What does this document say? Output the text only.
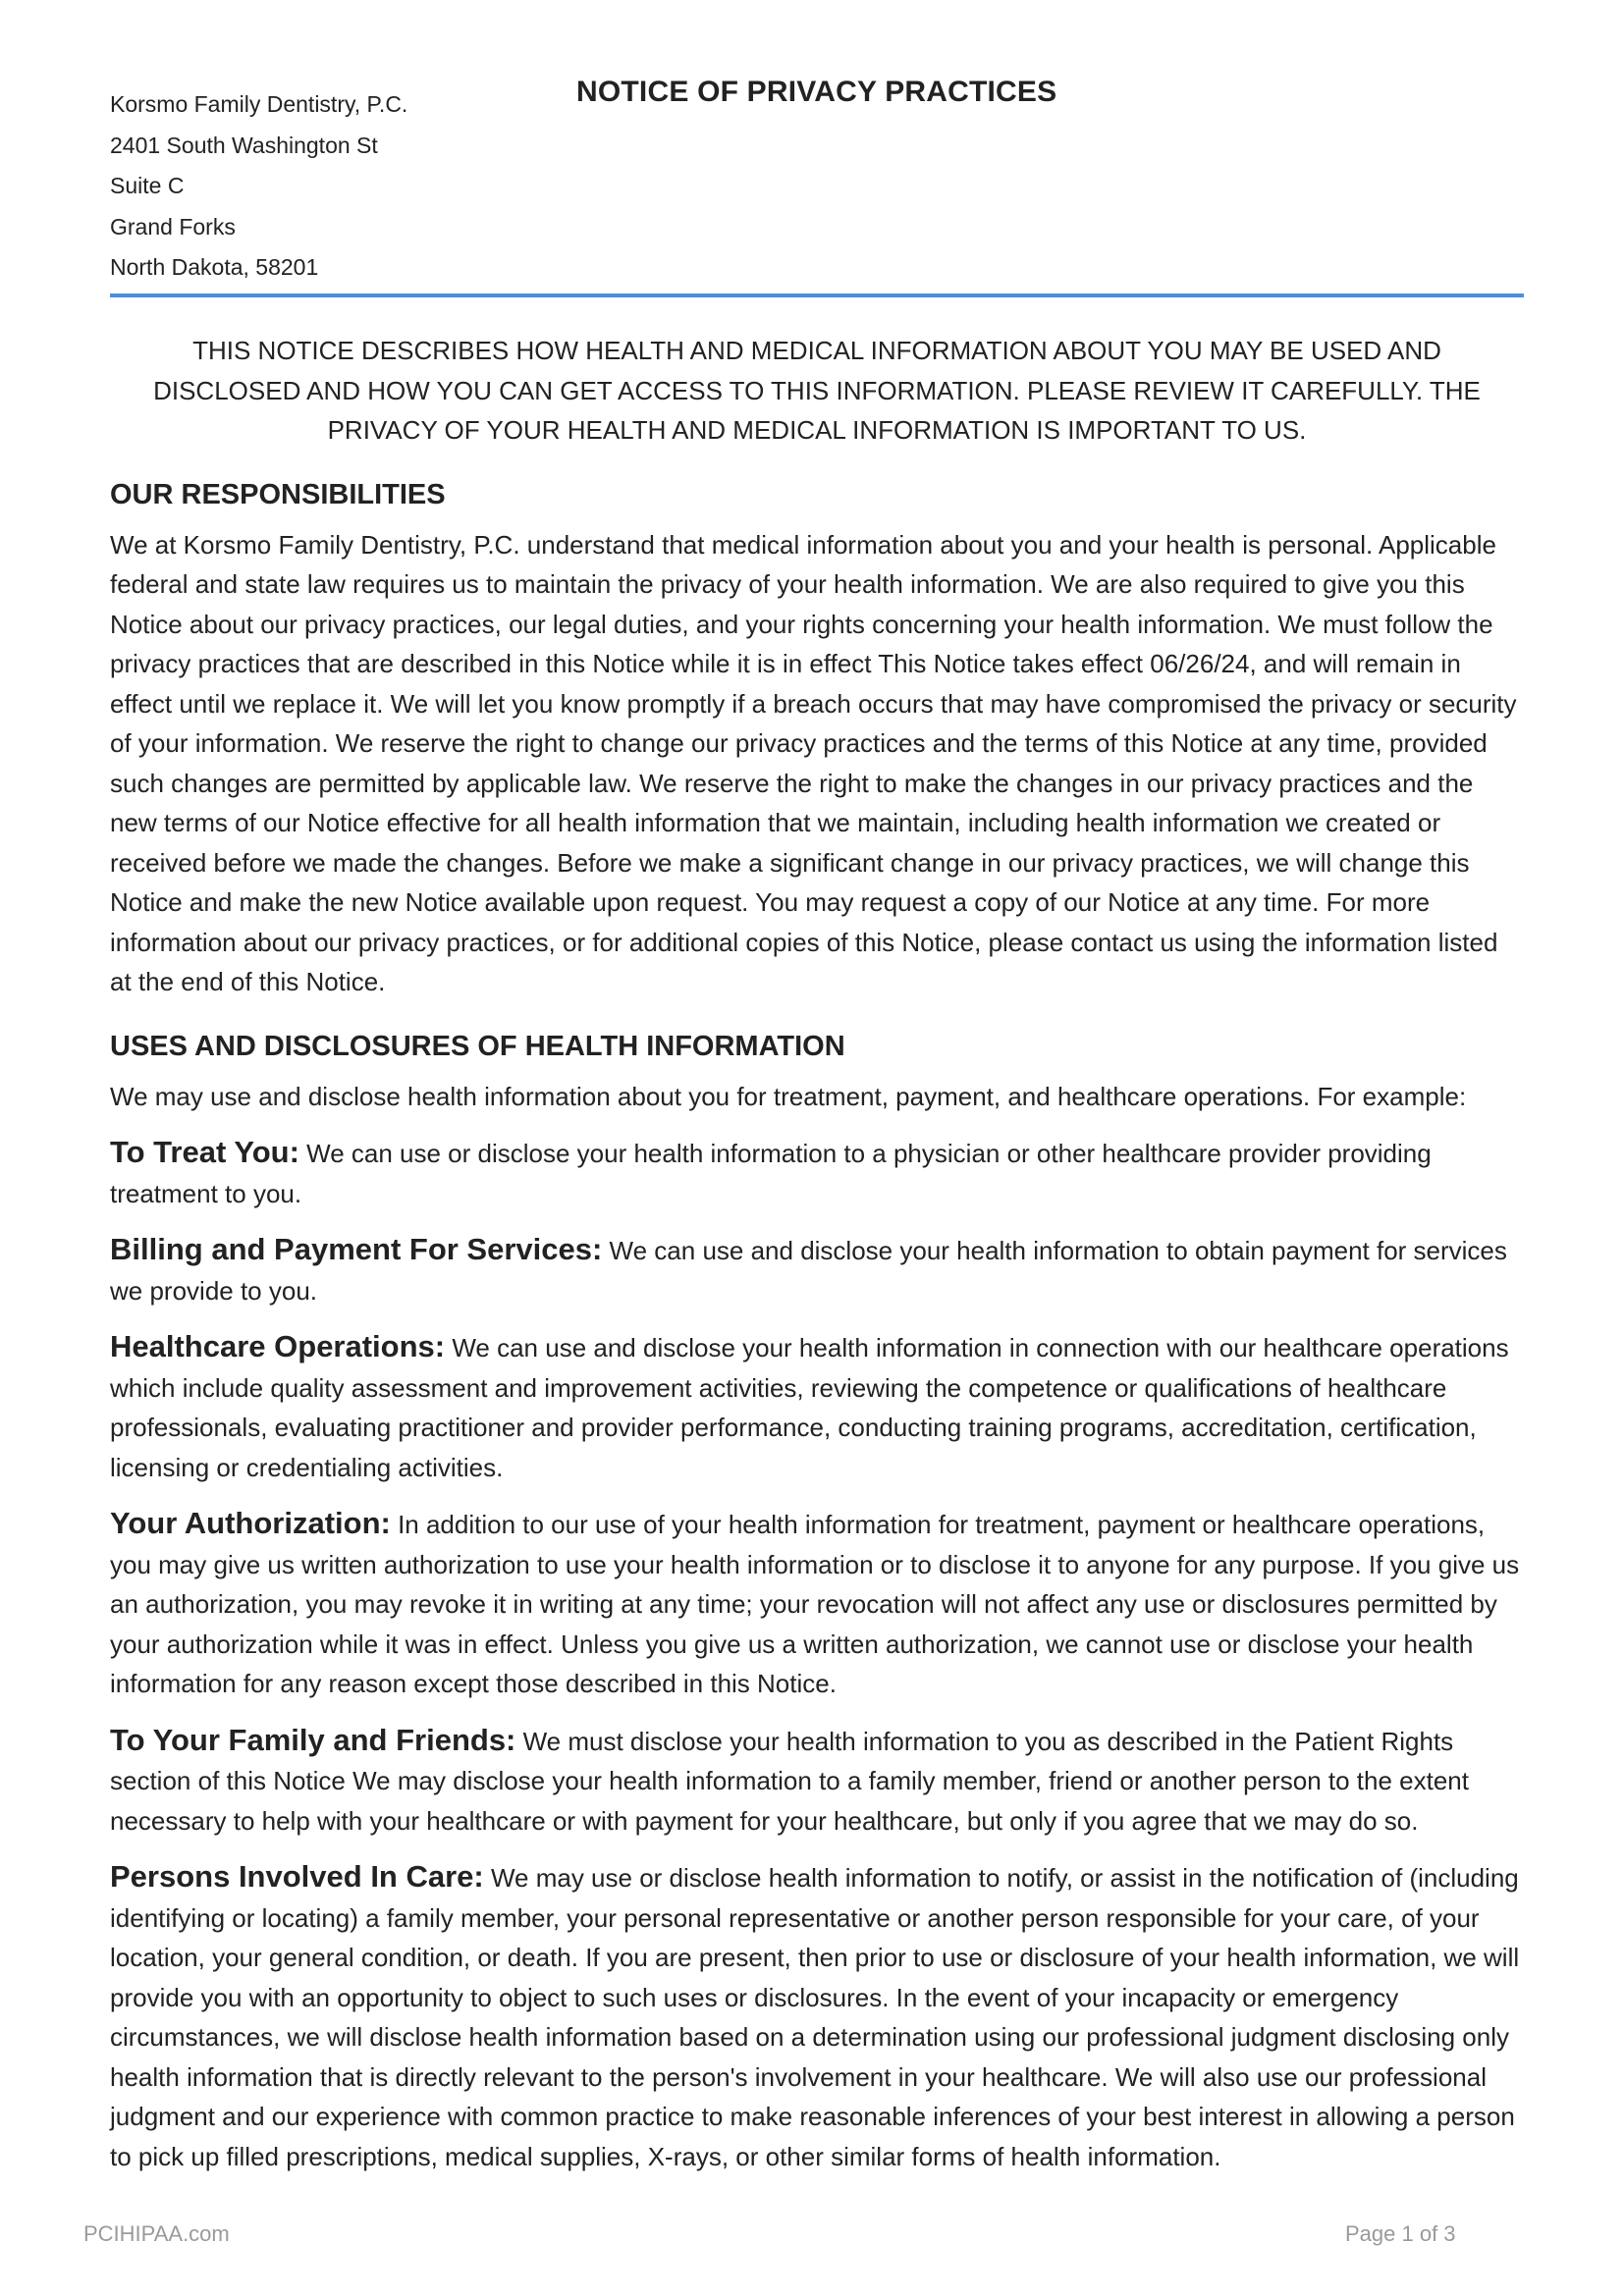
Korsmo Family Dentistry, P.C.
2401 South Washington St
Suite C
Grand Forks
North Dakota, 58201
NOTICE OF PRIVACY PRACTICES
THIS NOTICE DESCRIBES HOW HEALTH AND MEDICAL INFORMATION ABOUT YOU MAY BE USED AND DISCLOSED AND HOW YOU CAN GET ACCESS TO THIS INFORMATION. PLEASE REVIEW IT CAREFULLY. THE PRIVACY OF YOUR HEALTH AND MEDICAL INFORMATION IS IMPORTANT TO US.
OUR RESPONSIBILITIES

We at Korsmo Family Dentistry, P.C. understand that medical information about you and your health is personal. Applicable federal and state law requires us to maintain the privacy of your health information. We are also required to give you this Notice about our privacy practices, our legal duties, and your rights concerning your health information. We must follow the privacy practices that are described in this Notice while it is in effect This Notice takes effect 06/26/24, and will remain in effect until we replace it. We will let you know promptly if a breach occurs that may have compromised the privacy or security of your information. We reserve the right to change our privacy practices and the terms of this Notice at any time, provided such changes are permitted by applicable law. We reserve the right to make the changes in our privacy practices and the new terms of our Notice effective for all health information that we maintain, including health information we created or received before we made the changes. Before we make a significant change in our privacy practices, we will change this Notice and make the new Notice available upon request. You may request a copy of our Notice at any time. For more information about our privacy practices, or for additional copies of this Notice, please contact us using the information listed at the end of this Notice.

USES AND DISCLOSURES OF HEALTH INFORMATION

We may use and disclose health information about you for treatment, payment, and healthcare operations. For example:

To Treat You: We can use or disclose your health information to a physician or other healthcare provider providing treatment to you.

Billing and Payment For Services: We can use and disclose your health information to obtain payment for services we provide to you.

Healthcare Operations: We can use and disclose your health information in connection with our healthcare operations which include quality assessment and improvement activities, reviewing the competence or qualifications of healthcare professionals, evaluating practitioner and provider performance, conducting training programs, accreditation, certification, licensing or credentialing activities.

Your Authorization: In addition to our use of your health information for treatment, payment or healthcare operations, you may give us written authorization to use your health information or to disclose it to anyone for any purpose. If you give us an authorization, you may revoke it in writing at any time; your revocation will not affect any use or disclosures permitted by your authorization while it was in effect. Unless you give us a written authorization, we cannot use or disclose your health information for any reason except those described in this Notice.

To Your Family and Friends: We must disclose your health information to you as described in the Patient Rights section of this Notice We may disclose your health information to a family member, friend or another person to the extent necessary to help with your healthcare or with payment for your healthcare, but only if you agree that we may do so.

Persons Involved In Care: We may use or disclose health information to notify, or assist in the notification of (including identifying or locating) a family member, your personal representative or another person responsible for your care, of your location, your general condition, or death. If you are present, then prior to use or disclosure of your health information, we will provide you with an opportunity to object to such uses or disclosures. In the event of your incapacity or emergency circumstances, we will disclose health information based on a determination using our professional judgment disclosing only health information that is directly relevant to the person's involvement in your healthcare. We will also use our professional judgment and our experience with common practice to make reasonable inferences of your best interest in allowing a person to pick up filled prescriptions, medical supplies, X-rays, or other similar forms of health information.

PCIHIPAA.com	Page 1 of 3
